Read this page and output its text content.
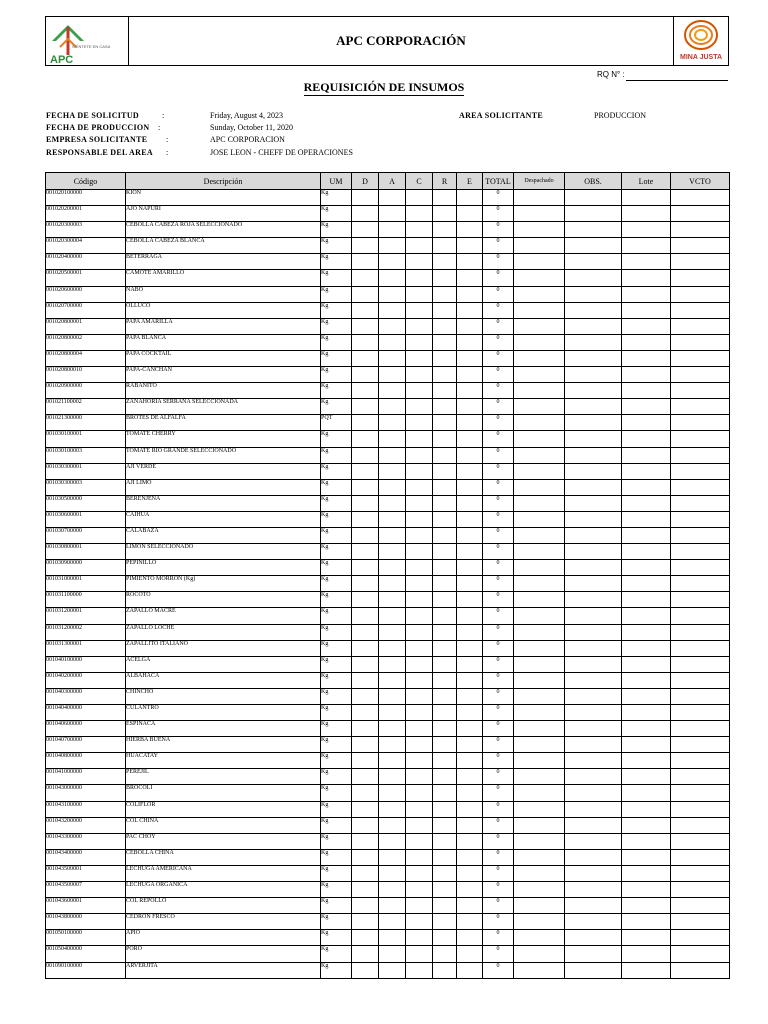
APC
SIÉNTETE EN CASA	APC CORPORACIÓN
MINA JUSTA
RQ N° :
REQUISICIÓN DE INSUMOS
FECHA DE SOLICITUD	:	Friday, August 4, 2023
FECHA DE PRODUCCION :	Sunday, October 11, 2020
EMPRESA SOLICITANTE :	APC CORPORACION
RESPONSABLE DEL AREA :	JOSE LEON - CHEFF DE OPERACIONES
AREA SOLICITANTE	PRODUCCION
Código	Descripción	UM	D	A	C	R	E	TOTAL	Despachado	OBS.	Lote	VCTO
001020100000	KION	Kg						0				
001020200001	AJO NAPURI	Kg						0				
001020300003	CEBOLLA CABEZA ROJA SELECCIONADO	Kg						0				
001020300004	CEBOLLA CABEZA BLANCA	Kg						0				
001020400000	BETERRAGA	Kg						0				
001020500001	CAMOTE AMARILLO	Kg						0				
001020600000	NABO	Kg						0				
001020700000	OLLUCO	Kg						0				
001020800001	PAPA AMARILLA	Kg						0				
001020800002	PAPA BLANCA	Kg						0				
001020800004	PAPA COCKTAIL	Kg						0				
001020800010	PAPA-CANCHAN	Kg						0				
001020900000	RABANITO	Kg						0				
001021100002	ZANAHORIA SERRANA SELECCIONADA	Kg						0				
001021300000	BROTES DE ALFALFA	PQT						0				
001030100001	TOMATE CHERRY	Kg						0				
001030100003	TOMATE RIO GRANDE SELECCIONADO	Kg						0				
001030300001	AJI VERDE	Kg						0				
001030300003	AJI LIMO	Kg						0				
001030500000	BERENJENA	Kg						0				
001030600001	CAIHUA	Kg						0				
001030700000	CALABAZA	Kg						0				
001030800001	LIMON SELECCIONADO	Kg						0				
001030900000	PEPINILLO	Kg						0				
001031000001	PIMIENTO MORRON (Kg)	Kg						0				
001031100000	ROCOTO	Kg						0				
001031200001	ZAPALLO MACRE	Kg						0				
001031200002	ZAPALLO LOCHE	Kg						0				
001031300001	ZAPALLITO ITALIANO	Kg						0				
001040100000	ACELGA	Kg						0				
001040200000	ALBAHACA	Kg						0				
001040300000	CHINCHO	Kg						0				
001040400000	CULANTRO	Kg						0				
001040600000	ESPINACA	Kg						0				
001040700000	HIERBA BUENA	Kg						0				
001040800000	HUACATAY	Kg						0				
001041000000	PEREJIL	Kg						0				
001043000000	BROCOLI	Kg						0				
001043100000	COLIFLOR	Kg						0				
001043200000	COL CHINA	Kg						0				
001043300000	PAC CHOY	Kg						0				
001043400000	CEBOLLA CHINA	Kg						0				
001043500001	LECHUGA AMERICANA	Kg						0				
001043500007	LECHUGA ORGANICA	Kg						0				
001043600001	COL REPOLLO	Kg						0				
001043800000	CEDRON FRESCO	Kg						0				
001050100000	APIO	Kg						0				
001050400000	PORO	Kg						0				
001090100000	ARVERJITA	Kg						0				
